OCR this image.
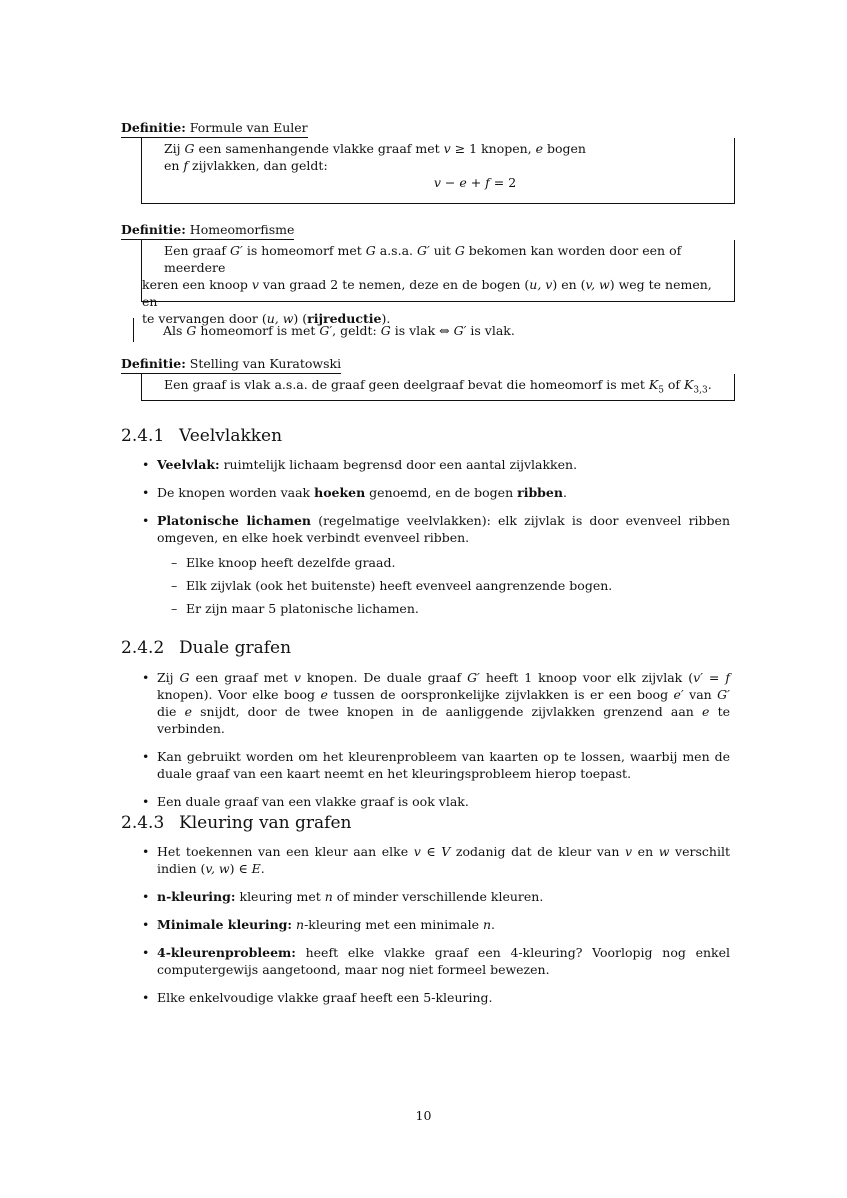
Definitie: Formule van Euler

Zij G een samenhangende vlakke graaf met v ≥ 1 knopen, e bogen

en f zijvlakken, dan geldt:

v − e + f = 2

Definitie: Homeomorfisme

Een graaf G′ is homeomorf met G a.s.a. G′ uit G bekomen kan worden door een of meerdere

keren een knoop v van graad 2 te nemen, deze en de bogen (u, v) en (v, w) weg te nemen, en

te vervangen door (u, w) (rijreductie).

Als G homeomorf is met G′, geldt: G is vlak ⇔ G′ is vlak.
Definitie: Stelling van Kuratowski

Een graaf is vlak a.s.a. de graaf geen deelgraaf bevat die homeomorf is met $K_5$ of $K_{3,3}$.

2.4.1 Veelvlakken
• Veelvlak: ruimtelijk lichaam begrensd door een aantal zijvlakken.
• De knopen worden vaak hoeken genoemd, en de bogen ribben.
• Platonische lichamen (regelmatige veelvlakken): elk zijvlak is door evenveel ribben omgeven, en elke hoek verbindt evenveel ribben.
– Elke knoop heeft dezelfde graad.
– Elk zijvlak (ook het buitenste) heeft evenveel aangrenzende bogen.
– Er zijn maar 5 platonische lichamen.
2.4.2 Duale grafen
• Zij G een graaf met v knopen. De duale graaf G′ heeft 1 knoop voor elk zijvlak (v′ = f knopen). Voor elke boog e tussen de oorspronkelijke zijvlakken is er een boog e′ van G′ die e snijdt, door de twee knopen in de aanliggende zijvlakken grenzend aan e te verbinden.
• Kan gebruikt worden om het kleurenprobleem van kaarten op te lossen, waarbij men de duale graaf van een kaart neemt en het kleuringsprobleem hierop toepast.
• Een duale graaf van een vlakke graaf is ook vlak.
2.4.3 Kleuring van grafen
• Het toekennen van een kleur aan elke v ∈ V zodanig dat de kleur van v en w verschilt indien (v, w) ∈ E.
• n-kleuring: kleuring met n of minder verschillende kleuren.
• Minimale kleuring: n-kleuring met een minimale n.
• 4-kleurenprobleem: heeft elke vlakke graaf een 4-kleuring? Voorlopig nog enkel computergewijs aangetoond, maar nog niet formeel bewezen.
• Elke enkelvoudige vlakke graaf heeft een 5-kleuring.
10
